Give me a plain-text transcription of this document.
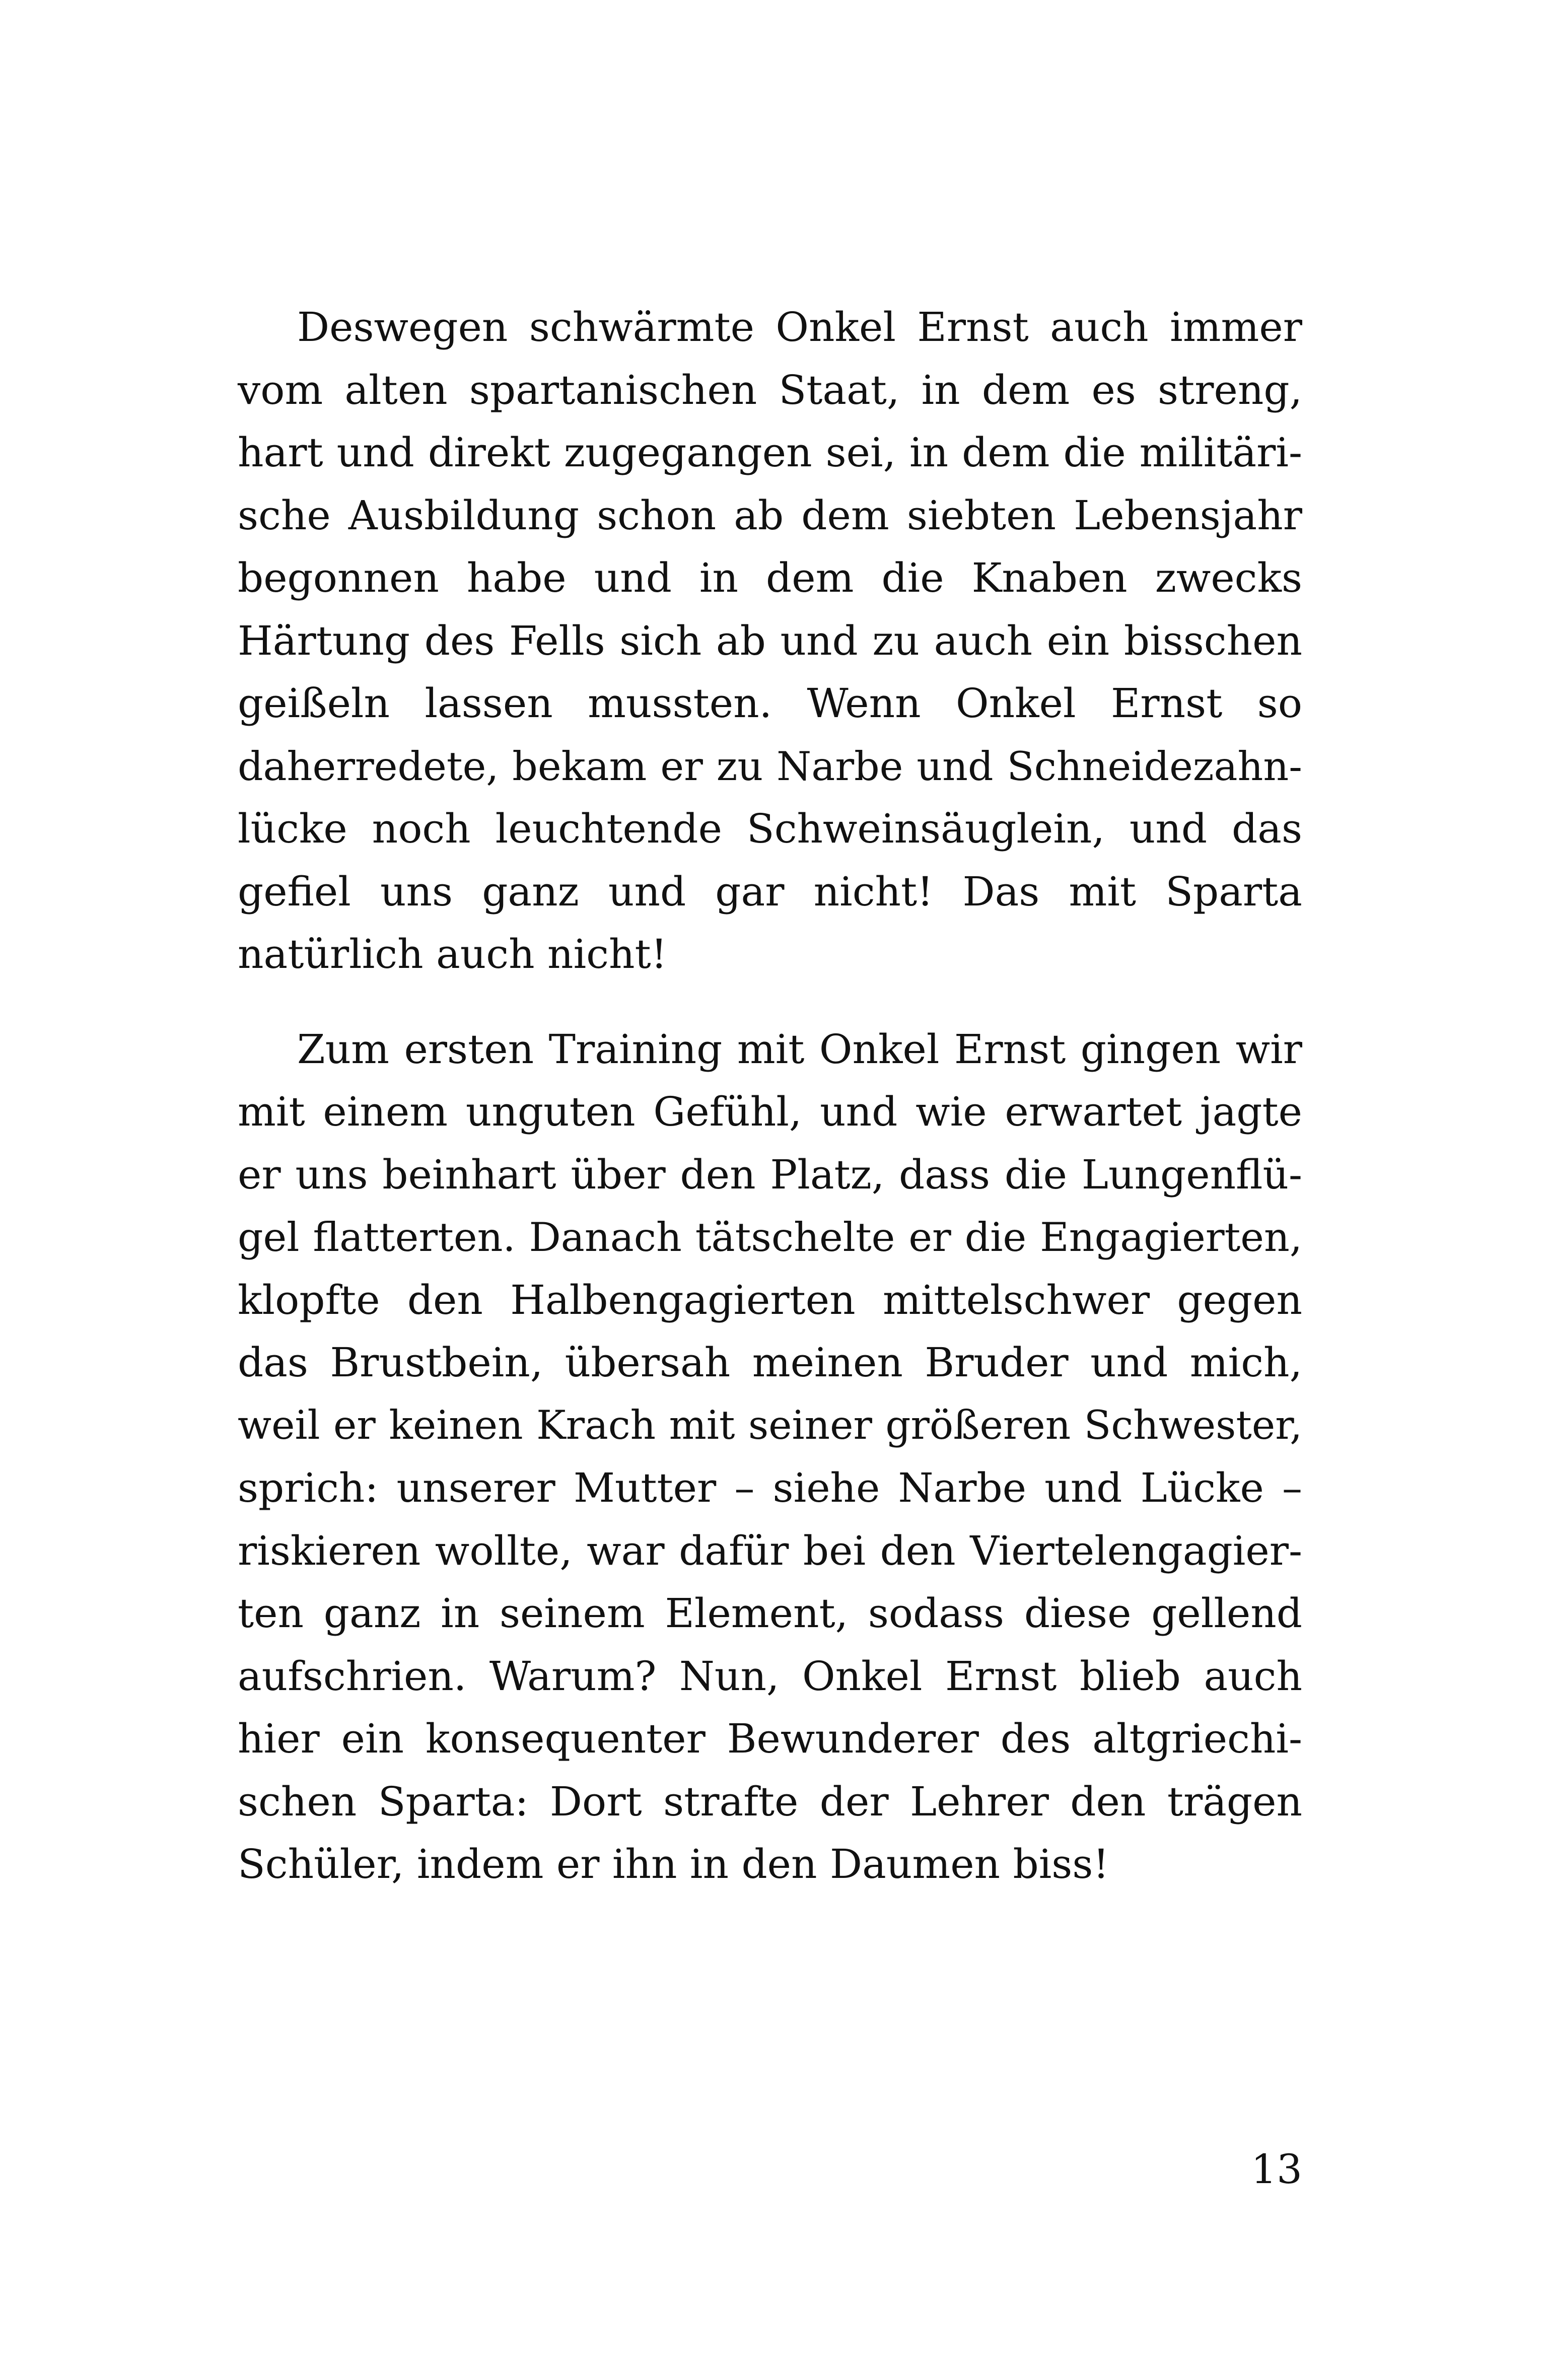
Deswegen schwärmte Onkel Ernst auch immer
vom alten spartanischen Staat, in dem es streng,
hart und direkt zugegangen sei, in dem die militäri-
sche Ausbildung schon ab dem siebten Lebensjahr
begonnen habe und in dem die Knaben zwecks
Härtung des Fells sich ab und zu auch ein bisschen
geißeln lassen mussten. Wenn Onkel Ernst so
daherredete, bekam er zu Narbe und Schneidezahn-
lücke noch leuchtende Schweinsäuglein, und das
gefiel uns ganz und gar nicht! Das mit Sparta
natürlich auch nicht!
Zum ersten Training mit Onkel Ernst gingen wir
mit einem unguten Gefühl, und wie erwartet jagte
er uns beinhart über den Platz, dass die Lungenflü-
gel flatterten. Danach tätschelte er die Engagierten,
klopfte den Halbengagierten mittelschwer gegen
das Brustbein, übersah meinen Bruder und mich,
weil er keinen Krach mit seiner größeren Schwester,
sprich: unserer Mutter – siehe Narbe und Lücke –
riskieren wollte, war dafür bei den Viertelengagier-
ten ganz in seinem Element, sodass diese gellend
aufschrien. Warum? Nun, Onkel Ernst blieb auch
hier ein konsequenter Bewunderer des altgriechi-
schen Sparta: Dort strafte der Lehrer den trägen
Schüler, indem er ihn in den Daumen biss!
13
